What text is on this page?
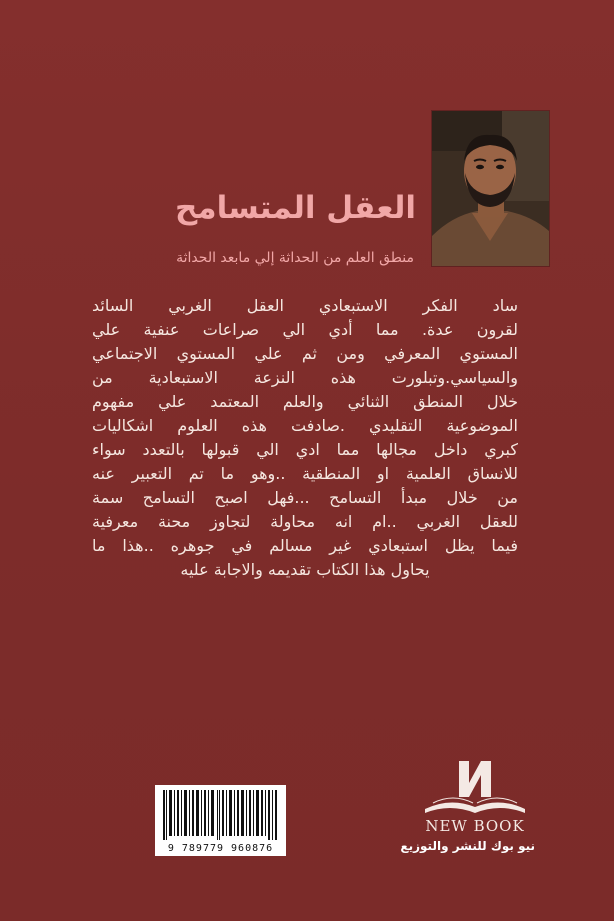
العقل المتسامح
منطق العلم من الحداثة إلي مابعد الحداثة
ساد الفكر الاستبعادي العقل الغربي السائد
لقرون عدة. مما أدي الي صراعات عنفية علي
المستوي المعرفي ومن ثم علي المستوي الاجتماعي
والسياسي.وتبلورت هذه النزعة الاستبعادية من
خلال المنطق الثنائي والعلم المعتمد علي مفهوم
الموضوعية التقليدي .صادفت هذه العلوم اشكاليات
كبري داخل مجالها مما ادي الي قبولها بالتعدد سواء
للانساق العلمية او المنطقية ..وهو ما تم التعبير عنه
من خلال مبدأ التسامح ...فهل اصبح التسامح سمة
للعقل الغربي ..ام انه محاولة لتجاوز محنة معرفية
فيما يظل استبعادي غير مسالم في جوهره ..هذا ما
يحاول هذا الكتاب تقديمه والاجابة عليه
9 789779 960876
NEW BOOK
نيو بوك للنشر والتوزيع
